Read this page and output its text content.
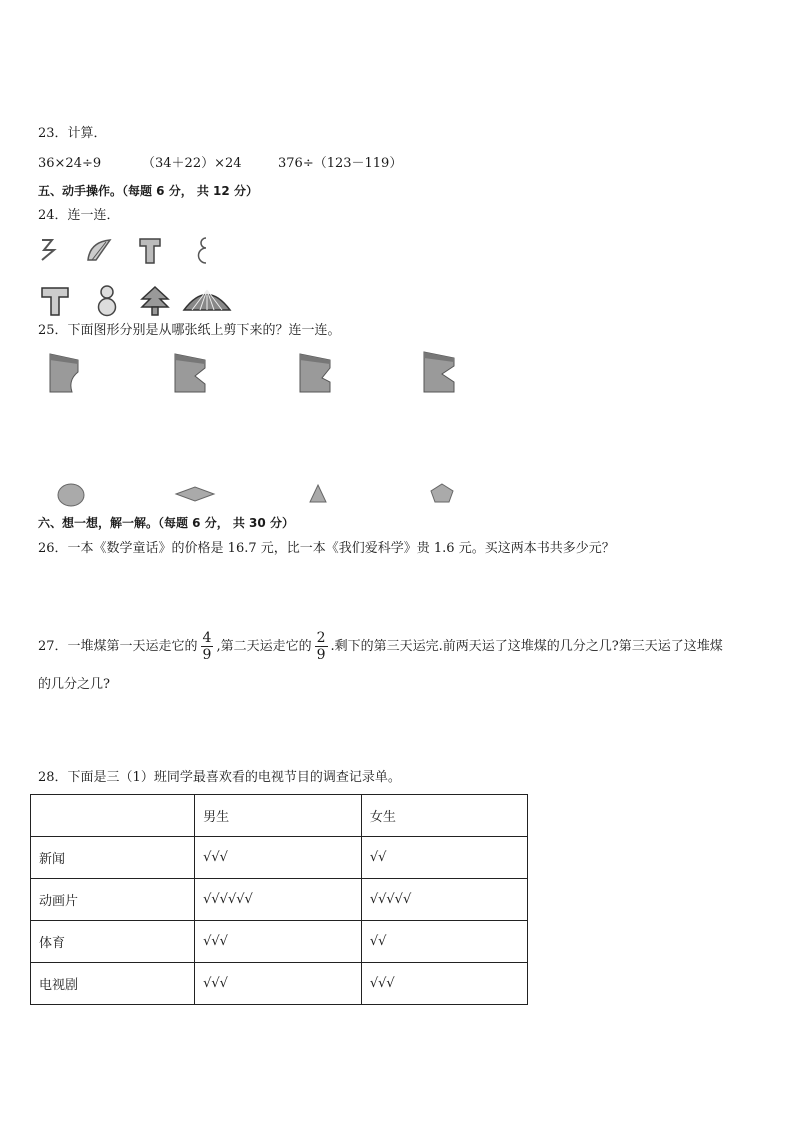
23．计算．
36×24÷9	（34＋22）×24	376÷（123－119）
五、动手操作。（每题 6 分， 共 12 分）
24．连一连．
25．下面图形分别是从哪张纸上剪下来的？连一连。
六、想一想，解一解。（每题 6 分， 共 30 分）
26．一本《数学童话》的价格是 16.7 元，比一本《我们爱科学》贵 1.6 元。买这两本书共多少元？
27．一堆煤第一天运走它的 $\frac{4}{9}$ ,第二天运走它的 $\frac{2}{9}$ .剩下的第三天运完.前两天运了这堆煤的几分之几?第三天运了这堆煤
的几分之几?
28．下面是三（1）班同学最喜欢看的电视节目的调查记录单。
	男生	女生
新闻	√√√	√√
动画片	√√√√√√	√√√√√
体育	√√√	√√
电视剧	√√√	√√√
